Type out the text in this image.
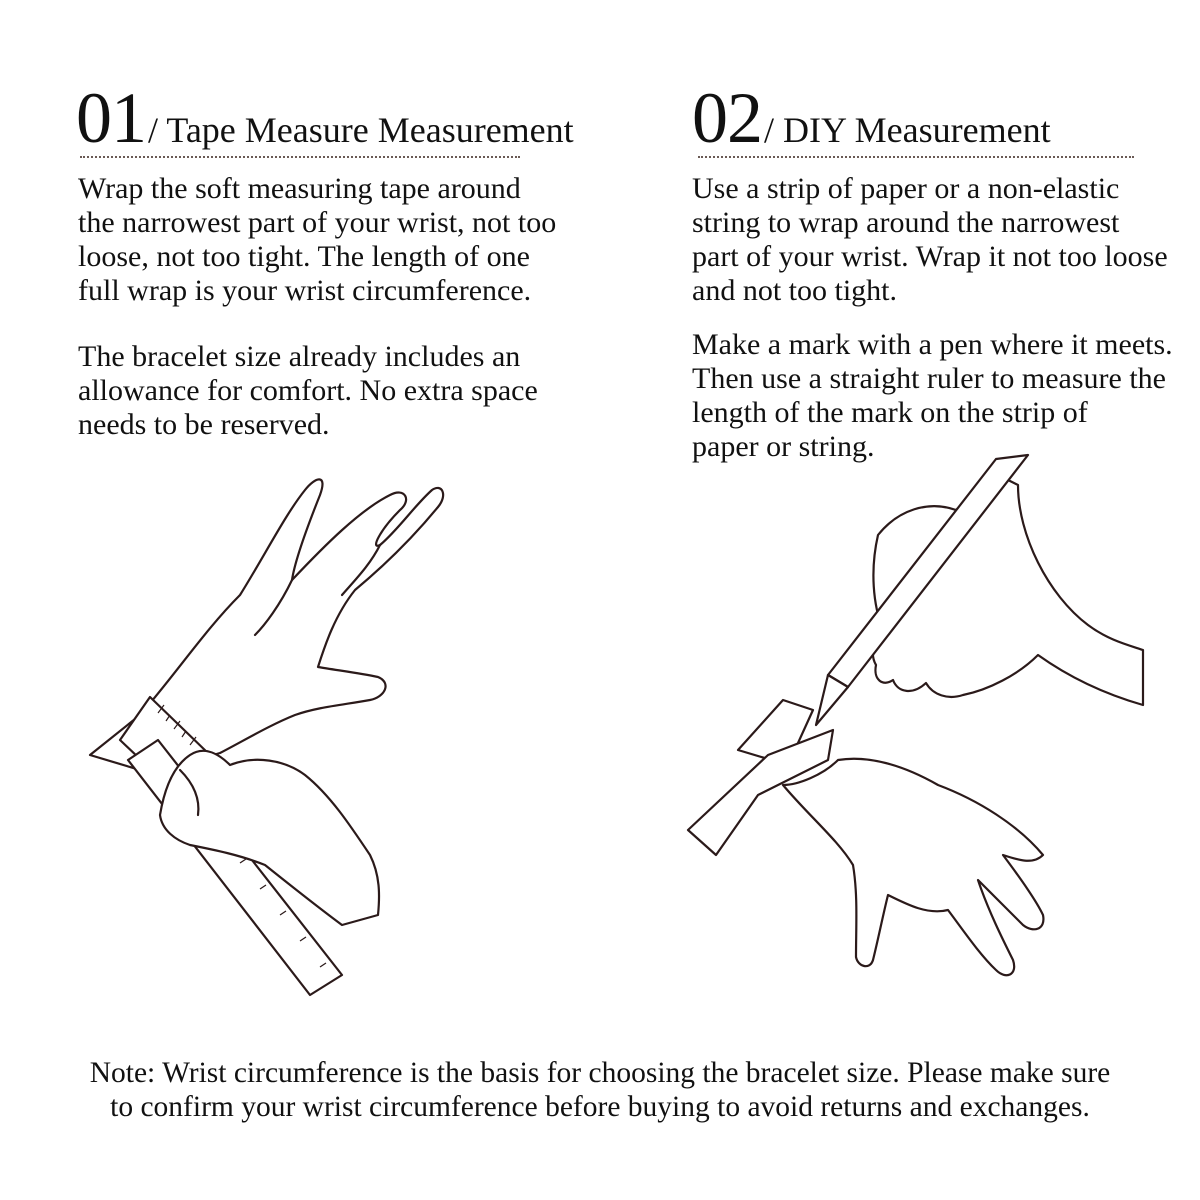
01/ Tape Measure Measurement

Wrap the soft measuring tape around
the narrowest part of your wrist, not too
loose, not too tight. The length of one
full wrap is your wrist circumference.

The bracelet size already includes an
allowance for comfort. No extra space
needs to be reserved.

02/ DIY Measurement

Use a strip of paper or a non-elastic
string to wrap around the narrowest
part of your wrist. Wrap it not too loose
and not too tight.

Make a mark with a pen where it meets.
Then use a straight ruler to measure the
length of the mark on the strip of
paper or string.

Note: Wrist circumference is the basis for choosing the bracelet size. Please make sure
to confirm your wrist circumference before buying to avoid returns and exchanges.
